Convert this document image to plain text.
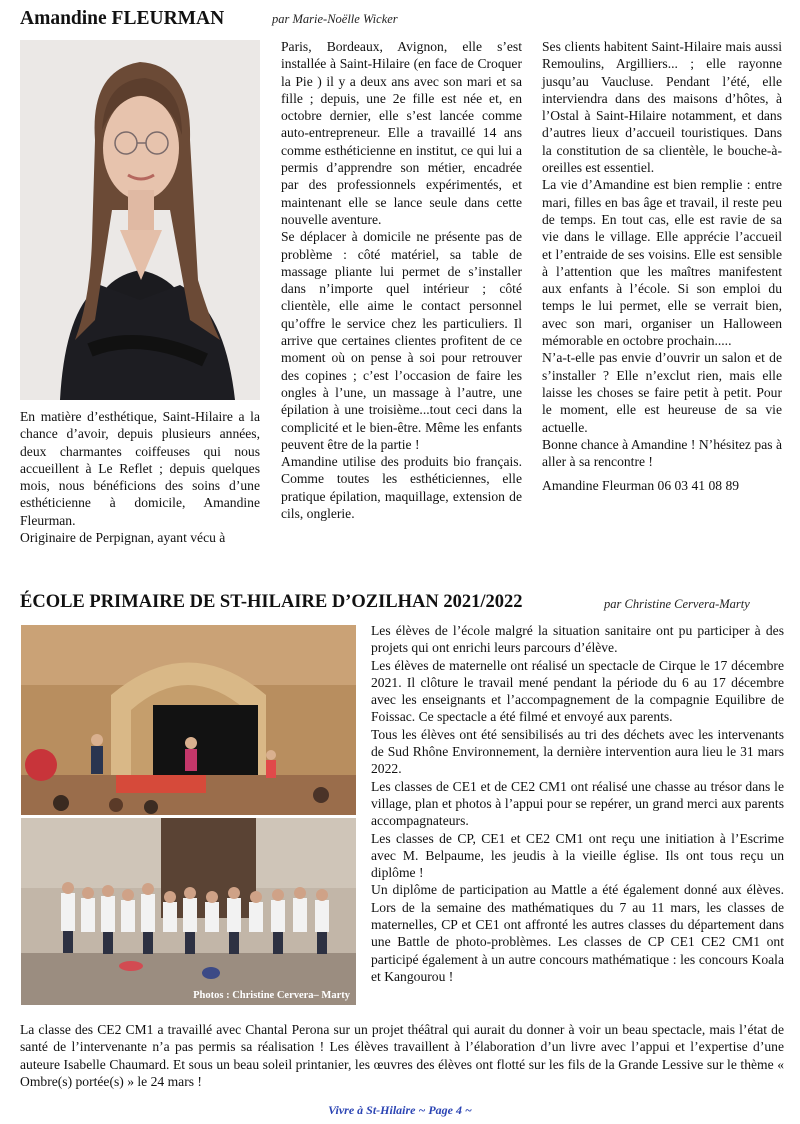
Amandine FLEURMAN	par Marie-Noëlle Wicker

En matière d’esthétique, Saint-Hilaire a la chance d’avoir, depuis plusieurs années, deux charmantes coiffeuses qui nous accueillent à Le Reflet ; depuis quelques mois, nous bénéficions des soins d’une esthéticienne à domicile, Amandine Fleurman.

Originaire de Perpignan, ayant vécu à

Paris, Bordeaux, Avignon, elle s’est installée à Saint-Hilaire (en face de Croquer la Pie ) il y a deux ans avec son mari et sa fille ; depuis, une 2e fille est née et, en octobre dernier, elle s’est lancée comme auto-entrepreneur. Elle a travaillé 14 ans comme esthéticienne en institut, ce qui lui a permis d’apprendre son métier, encadrée par des professionnels expérimentés, et maintenant elle se lance seule dans cette nouvelle aventure.

Se déplacer à domicile ne présente pas de problème : côté matériel, sa table de massage pliante lui permet de s’installer dans n’importe quel intérieur ; côté clientèle, elle aime le contact personnel qu’offre le service chez les particuliers. Il arrive que certaines clientes profitent de ce moment où on pense à soi pour retrouver des copines ; c’est l’occasion de faire les ongles à l’une, un massage à l’autre, une épilation à une troisième...tout ceci dans la complicité et le bien-être. Même les enfants peuvent être de la partie !

Amandine utilise des produits bio français. Comme toutes les esthéticiennes, elle pratique épilation, maquillage, extension de cils, onglerie.

Ses clients habitent Saint-Hilaire mais aussi Remoulins, Argilliers... ; elle rayonne jusqu’au Vaucluse. Pendant l’été, elle interviendra dans des maisons d’hôtes, à l’Ostal à Saint-Hilaire notamment, et dans d’autres lieux d’accueil touristiques. Dans la constitution de sa clientèle, le bouche-à-oreilles est essentiel.

La vie d’Amandine est bien remplie : entre mari, filles en bas âge et travail, il reste peu de temps. En tout cas, elle est ravie de sa vie dans le village. Elle apprécie l’accueil et l’entraide de ses voisins. Elle est sensible à l’attention que les maîtres manifestent aux enfants à l’école. Si son emploi du temps le lui permet, elle se verrait bien, avec son mari, organiser un Halloween mémorable en octobre prochain.....

N’a-t-elle pas envie d’ouvrir un salon et de s’installer ? Elle n’exclut rien, mais elle laisse les choses se faire petit à petit. Pour le moment, elle est heureuse de sa vie actuelle.

Bonne chance à Amandine ! N’hésitez pas à aller à sa rencontre !

Amandine Fleurman 06 03 41 08 89

ÉCOLE PRIMAIRE DE ST-HILAIRE D’OZILHAN 2021/2022	par Christine Cervera-Marty
Photos : Christine Cervera– Marty

Les élèves de l’école malgré la situation sanitaire ont pu participer à des projets qui ont enrichi leurs parcours d’élève.

Les élèves de maternelle ont réalisé un spectacle de Cirque le 17 décembre 2021. Il clôture le travail mené pendant la période du 6 au 17 décembre avec les enseignants et l’accompagnement de la compagnie Equilibre de Foissac. Ce spectacle a été filmé et envoyé aux parents.

Tous les élèves ont été sensibilisés au tri des déchets avec les intervenants de Sud Rhône Environnement, la dernière intervention aura lieu le 31 mars 2022.

Les classes de CE1 et de CE2 CM1 ont réalisé une chasse au trésor dans le village, plan et photos à l’appui pour se repérer, un grand merci aux parents accompagnateurs.

Les classes de CP, CE1 et CE2 CM1 ont reçu une initiation à l’Escrime avec M. Belpaume, les jeudis à la vieille église. Ils ont tous reçu un diplôme !

Un diplôme de participation au Mattle a été également donné aux élèves. Lors de la semaine des mathématiques du 7 au 11 mars, les classes de maternelles, CP et CE1 ont affronté les autres classes du département dans une Battle de photo-problèmes. Les classes de CP CE1 CE2 CM1 ont participé également à un autre concours mathématique : les concours Koala et Kangourou !

La classe des CE2 CM1 a travaillé avec Chantal Perona sur un projet théâtral qui aurait du donner à voir un beau spectacle, mais l’état de santé de l’intervenante n’a pas permis sa réalisation ! Les élèves travaillent à l’élaboration d’un livre avec l’appui et l’expertise d’une auteure Isabelle Chaumard. Et sous un beau soleil printanier, les œuvres des élèves ont flotté sur les fils de la Grande Lessive sur le thème « Ombre(s) portée(s) » le 24 mars !

Vivre à St-Hilaire ~ Page 4 ~
